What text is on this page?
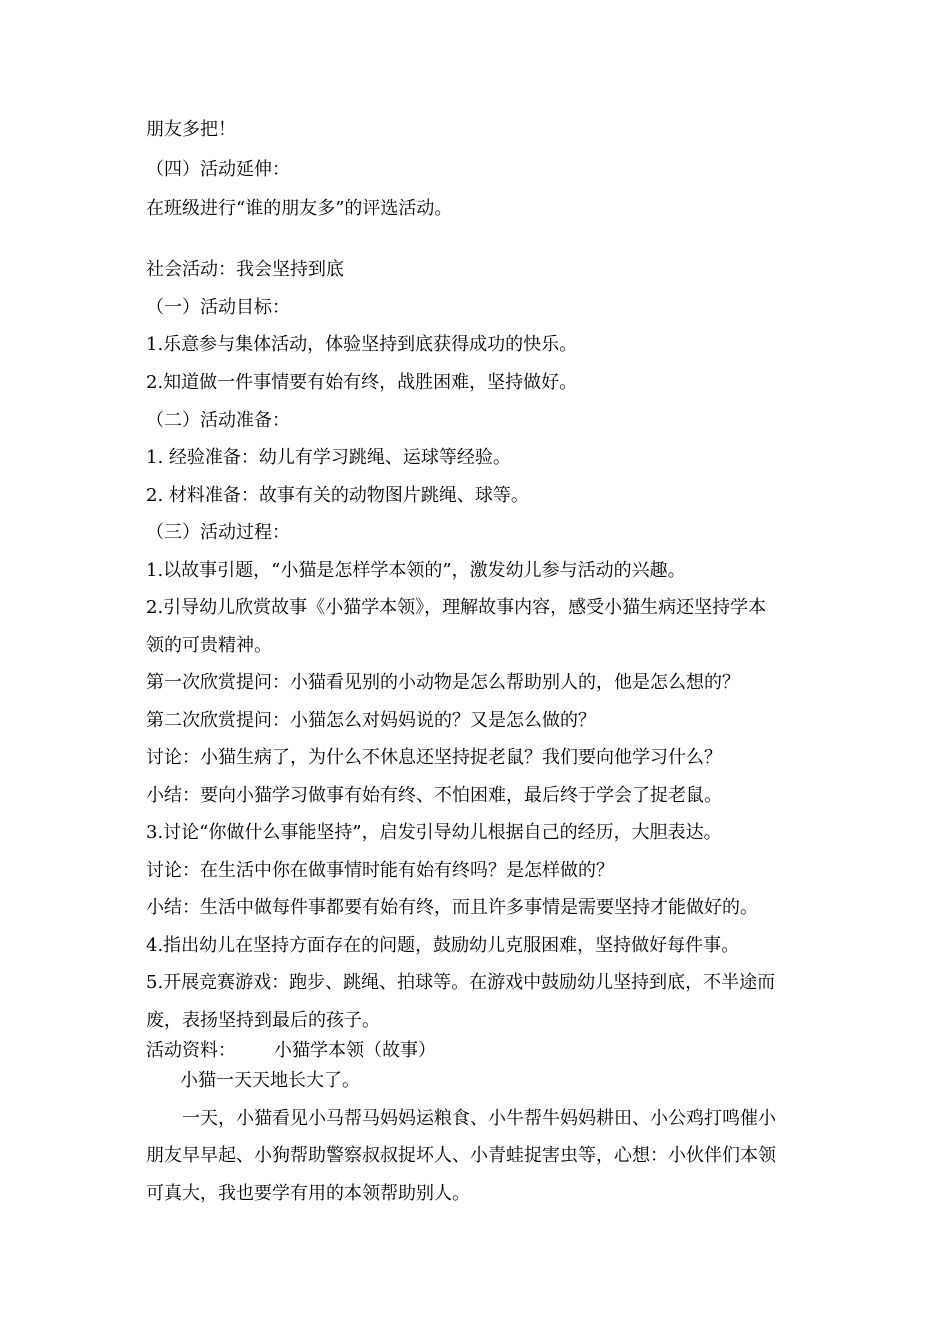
朋友多把！
（四）活动延伸：
在班级进行“谁的朋友多”的评选活动。
社会活动：我会坚持到底
（一）活动目标：
1.乐意参与集体活动，体验坚持到底获得成功的快乐。
2.知道做一件事情要有始有终，战胜困难，坚持做好。
（二）活动准备：
1. 经验准备：幼儿有学习跳绳、运球等经验。
2. 材料准备：故事有关的动物图片跳绳、球等。
（三）活动过程：
1.以故事引题，“小猫是怎样学本领的”，激发幼儿参与活动的兴趣。
2.引导幼儿欣赏故事《小猫学本领》，理解故事内容，感受小猫生病还坚持学本
领的可贵精神。
第一次欣赏提问：小猫看见别的小动物是怎么帮助别人的，他是怎么想的？
第二次欣赏提问：小猫怎么对妈妈说的？又是怎么做的？
讨论：小猫生病了，为什么不休息还坚持捉老鼠？我们要向他学习什么？
小结：要向小猫学习做事有始有终、不怕困难，最后终于学会了捉老鼠。
3.讨论“你做什么事能坚持”，启发引导幼儿根据自己的经历，大胆表达。
讨论：在生活中你在做事情时能有始有终吗？是怎样做的？
小结：生活中做每件事都要有始有终，而且许多事情是需要坚持才能做好的。
4.指出幼儿在坚持方面存在的问题，鼓励幼儿克服困难，坚持做好每件事。
5.开展竞赛游戏：跑步、跳绳、拍球等。在游戏中鼓励幼儿坚持到底，不半途而
废，表扬坚持到最后的孩子。
活动资料： 小猫学本领（故事）
小猫一天天地长大了。
一天，小猫看见小马帮马妈妈运粮食、小牛帮牛妈妈耕田、小公鸡打鸣催小
朋友早早起、小狗帮助警察叔叔捉坏人、小青蛙捉害虫等，心想：小伙伴们本领
可真大，我也要学有用的本领帮助别人。
